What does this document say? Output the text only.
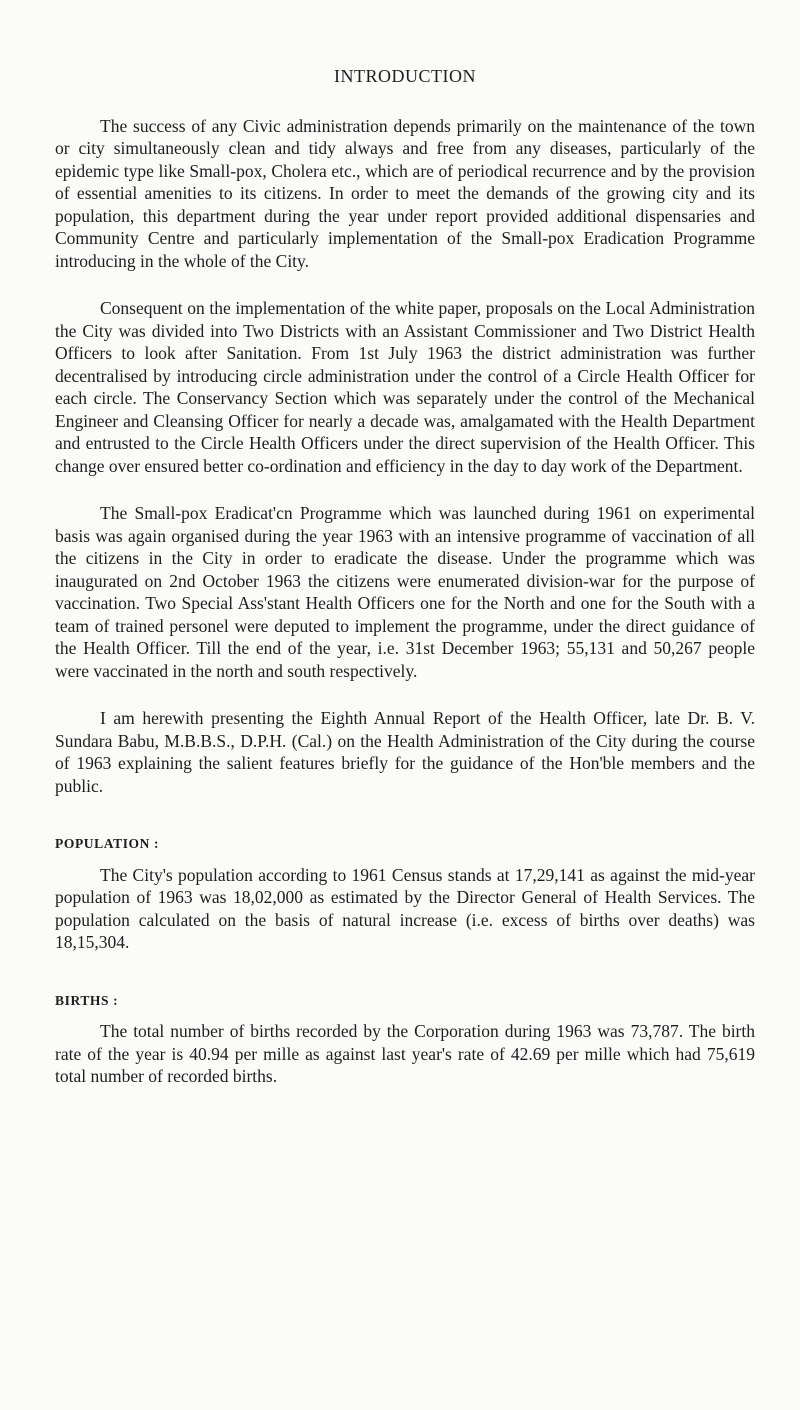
INTRODUCTION

The success of any Civic administration depends primarily on the maintenance of the town or city simultaneously clean and tidy always and free from any diseases, particularly of the epidemic type like Small-pox, Cholera etc., which are of periodical recurrence and by the provision of essential amenities to its citizens. In order to meet the demands of the growing city and its population, this department during the year under report provided additional dispensaries and Community Centre and particularly implementation of the Small-pox Eradication Programme introducing in the whole of the City.

Consequent on the implementation of the white paper, proposals on the Local Administration the City was divided into Two Districts with an Assistant Commissioner and Two District Health Officers to look after Sanitation. From 1st July 1963 the district administration was further decentralised by introducing circle administration under the control of a Circle Health Officer for each circle. The Conservancy Section which was separately under the control of the Mechanical Engineer and Cleansing Officer for nearly a decade was, amalgamated with the Health Department and entrusted to the Circle Health Officers under the direct supervision of the Health Officer. This change over ensured better co-ordination and efficiency in the day to day work of the Department.

The Small-pox Eradicat'cn Programme which was launched during 1961 on experimental basis was again organised during the year 1963 with an intensive programme of vaccination of all the citizens in the City in order to eradicate the disease. Under the programme which was inaugurated on 2nd October 1963 the citizens were enumerated division-war for the purpose of vaccination. Two Special Ass'stant Health Officers one for the North and one for the South with a team of trained personel were deputed to implement the programme, under the direct guidance of the Health Officer. Till the end of the year, i.e. 31st December 1963; 55,131 and 50,267 people were vaccinated in the north and south respectively.

I am herewith presenting the Eighth Annual Report of the Health Officer, late Dr. B. V. Sundara Babu, M.B.B.S., D.P.H. (Cal.) on the Health Administration of the City during the course of 1963 explaining the salient features briefly for the guidance of the Hon'ble members and the public.

POPULATION :

The City's population according to 1961 Census stands at 17,29,141 as against the mid-year population of 1963 was 18,02,000 as estimated by the Director General of Health Services. The population calculated on the basis of natural increase (i.e. excess of births over deaths) was 18,15,304.

BIRTHS :

The total number of births recorded by the Corporation during 1963 was 73,787. The birth rate of the year is 40.94 per mille as against last year's rate of 42.69 per mille which had 75,619 total number of recorded births.
